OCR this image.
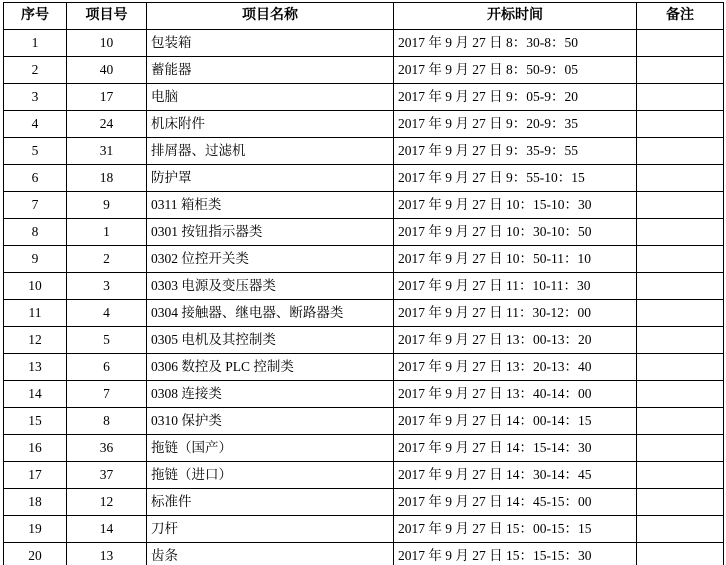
序号	项目号	项目名称	开标时间	备注
1	10	包装箱	2017 年 9 月 27 日 8：30-8：50	
2	40	蓄能器	2017 年 9 月 27 日 8：50-9：05	
3	17	电脑	2017 年 9 月 27 日 9：05-9：20	
4	24	机床附件	2017 年 9 月 27 日 9：20-9：35	
5	31	排屑器、过滤机	2017 年 9 月 27 日 9：35-9：55	
6	18	防护罩	2017 年 9 月 27 日 9：55-10：15	
7	9	0311 箱柜类	2017 年 9 月 27 日 10：15-10：30	
8	1	0301 按钮指示器类	2017 年 9 月 27 日 10：30-10：50	
9	2	0302 位控开关类	2017 年 9 月 27 日 10：50-11：10	
10	3	0303 电源及变压器类	2017 年 9 月 27 日 11：10-11：30	
11	4	0304 接触器、继电器、断路器类	2017 年 9 月 27 日 11：30-12：00	
12	5	0305 电机及其控制类	2017 年 9 月 27 日 13：00-13：20	
13	6	0306 数控及 PLC 控制类	2017 年 9 月 27 日 13：20-13：40	
14	7	0308 连接类	2017 年 9 月 27 日 13：40-14：00	
15	8	0310 保护类	2017 年 9 月 27 日 14：00-14：15	
16	36	拖链（国产）	2017 年 9 月 27 日 14：15-14：30	
17	37	拖链（进口）	2017 年 9 月 27 日 14：30-14：45	
18	12	标准件	2017 年 9 月 27 日 14：45-15：00	
19	14	刀杆	2017 年 9 月 27 日 15：00-15：15	
20	13	齿条	2017 年 9 月 27 日 15：15-15：30	
